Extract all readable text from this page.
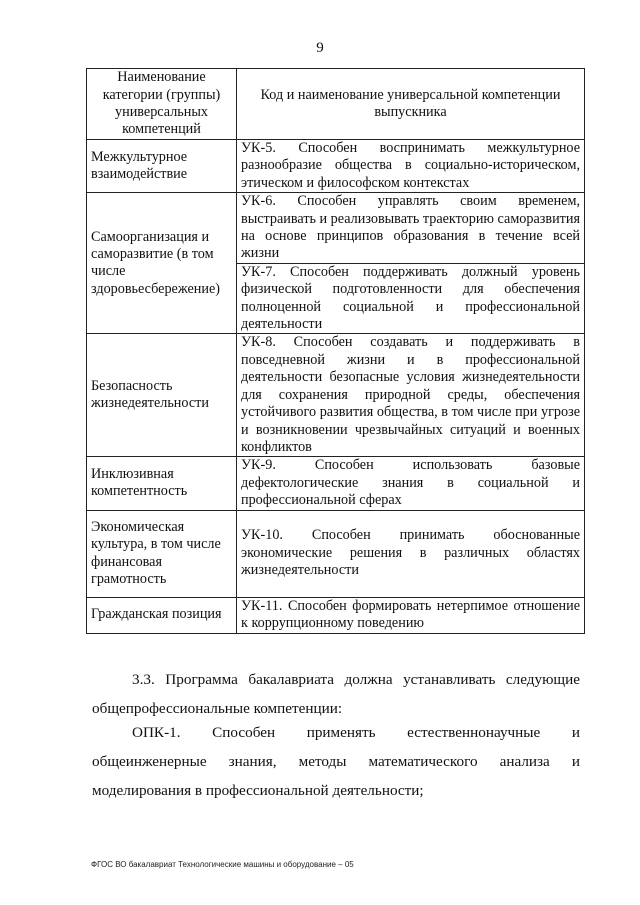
9
Наименование категории (группы) универсальных компетенций	Код и наименование универсальной компетенции выпускника
Межкультурное взаимодействие	УК-5. Способен воспринимать межкультурное разнообразие общества в социально-историческом, этическом и философском контекстах
Самоорганизация и саморазвитие (в том числе здоровьесбережение)	УК-6. Способен управлять своим временем, выстраивать и реализовывать траекторию саморазвития на основе принципов образования в течение всей жизни
	УК-7. Способен поддерживать должный уровень физической подготовленности для обеспечения полноценной социальной и профессиональной деятельности
Безопасность жизнедеятельности	УК-8. Способен создавать и поддерживать в повседневной жизни и в профессиональной деятельности безопасные условия жизнедеятельности для сохранения природной среды, обеспечения устойчивого развития общества, в том числе при угрозе и возникновении чрезвычайных ситуаций и военных конфликтов
Инклюзивная компетентность	УК-9. Способен использовать базовые дефектологические знания в социальной и профессиональной сферах
Экономическая культура, в том числе финансовая грамотность	УК-10. Способен принимать обоснованные экономические решения в различных областях жизнедеятельности
Гражданская позиция	УК-11. Способен формировать нетерпимое отношение к коррупционному поведению

3.3. Программа бакалавриата должна устанавливать следующие общепрофессиональные компетенции:

ОПК-1. Способен применять естественнонаучные и общеинженерные знания, методы математического анализа и моделирования в профессиональной деятельности;

ФГОС ВО бакалавриат Технологические машины и оборудование – 05
